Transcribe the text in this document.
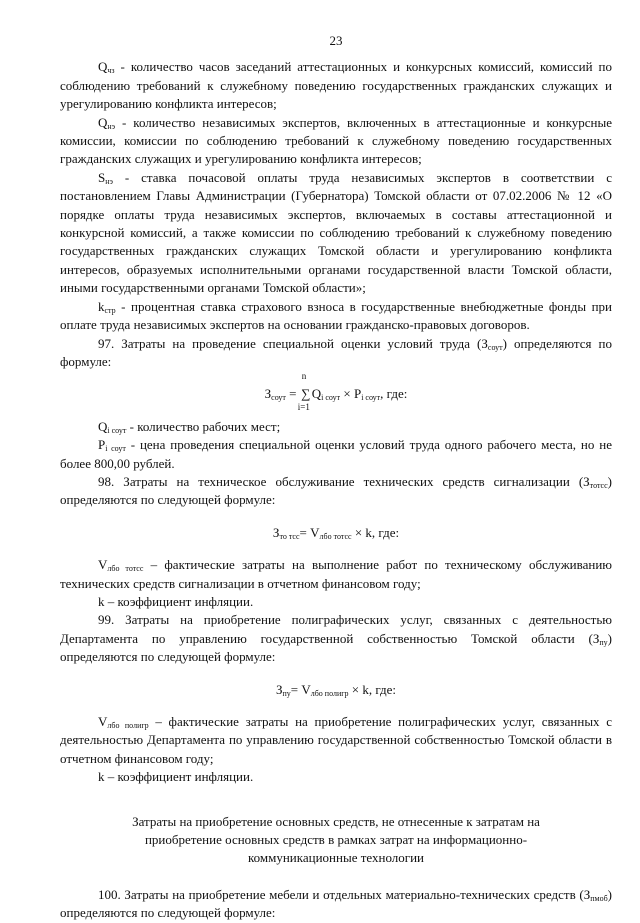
23

$Q_{чз}$ - количество часов заседаний аттестационных и конкурсных комиссий, комиссий по соблюдению требований к служебному поведению государственных гражданских служащих и урегулированию конфликта интересов;

$Q_{нэ}$ - количество независимых экспертов, включенных в аттестационные и конкурсные комиссии, комиссии по соблюдению требований к служебному поведению государственных гражданских служащих и урегулированию конфликта интересов;

$S_{нэ}$ - ставка почасовой оплаты труда независимых экспертов в соответствии с постановлением Главы Администрации (Губернатора) Томской области от 07.02.2006 № 12 «О порядке оплаты труда независимых экспертов, включаемых в составы аттестационной и конкурсной комиссий, а также комиссии по соблюдению требований к служебному поведению государственных гражданских служащих Томской области и урегулированию конфликта интересов, образуемых исполнительными органами государственной власти Томской области, иными государственными органами Томской области»;

$k_{стр}$ - процентная ставка страхового взноса в государственные внебюджетные фонды при оплате труда независимых экспертов на основании гражданско-правовых договоров.

97. Затраты на проведение специальной оценки условий труда $(З_{соут})$ определяются по формуле:

$З_{соут}$ =
n
∑
i=1
$Q_{i соут} \times P_{i соут}$, где:

$Q_{i соут}$ - количество рабочих мест;

$P_{i соут}$ - цена проведения специальной оценки условий труда одного рабочего места, но не более 800,00 рублей.

98. Затраты на техническое обслуживание технических средств сигнализации $(З_{тотсс})$ определяются по следующей формуле:

$З_{то тсс}= V_{лбо тотсс} \times k$, где:

$V_{лбо тотсс}$ – фактические затраты на выполнение работ по техническому обслуживанию технических средств сигнализации в отчетном финансовом году;

k – коэффициент инфляции.

99. Затраты на приобретение полиграфических услуг, связанных с деятельностью Департамента по управлению государственной собственностью Томской области $(З_{пу})$ определяются по следующей формуле:

$З_{пу}= V_{лбо полигр} \times k$, где:

$V_{лбо полигр}$ – фактические затраты на приобретение полиграфических услуг, связанных с деятельностью Департамента по управлению государственной собственностью Томской области в отчетном финансовом году;

k – коэффициент инфляции.

Затраты на приобретение основных средств, не отнесенные к затратам на приобретение основных средств в рамках затрат на информационно-коммуникационные технологии

100. Затраты на приобретение мебели и отдельных материально-технических средств $(З_{пмоб})$ определяются по следующей формуле:
